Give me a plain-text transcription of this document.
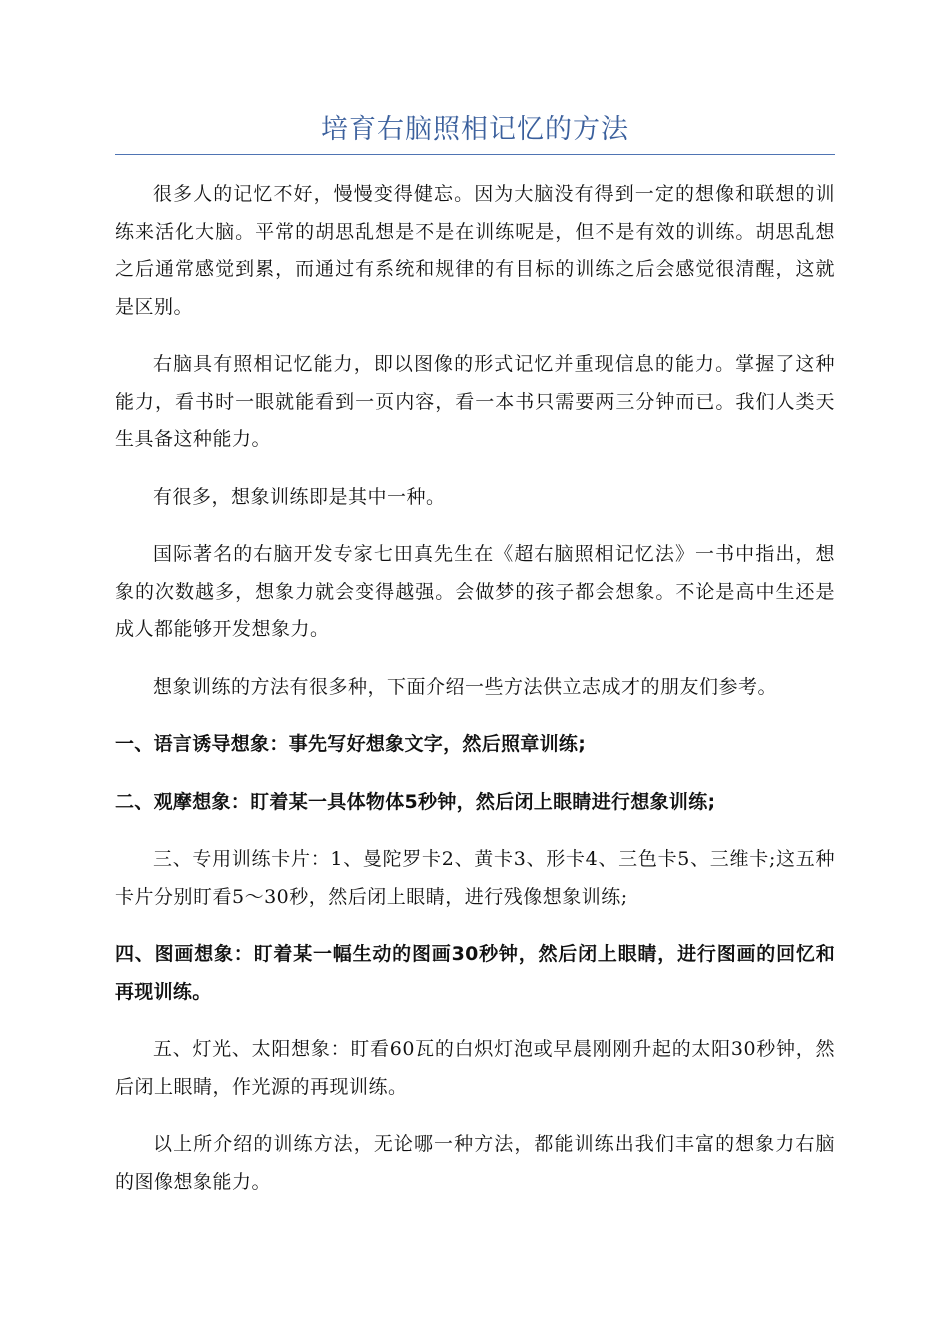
培育右脑照相记忆的方法

很多人的记忆不好，慢慢变得健忘。因为大脑没有得到一定的想像和联想的训练来活化大脑。平常的胡思乱想是不是在训练呢是，但不是有效的训练。胡思乱想之后通常感觉到累，而通过有系统和规律的有目标的训练之后会感觉很清醒，这就是区别。

右脑具有照相记忆能力，即以图像的形式记忆并重现信息的能力。掌握了这种能力，看书时一眼就能看到一页内容，看一本书只需要两三分钟而已。我们人类天生具备这种能力。

有很多，想象训练即是其中一种。

国际著名的右脑开发专家七田真先生在《超右脑照相记忆法》一书中指出，想象的次数越多，想象力就会变得越强。会做梦的孩子都会想象。不论是高中生还是成人都能够开发想象力。

想象训练的方法有很多种，下面介绍一些方法供立志成才的朋友们参考。

一、语言诱导想象：事先写好想象文字，然后照章训练;

二、观摩想象：盯着某一具体物体5秒钟，然后闭上眼睛进行想象训练;

三、专用训练卡片：1、曼陀罗卡2、黄卡3、形卡4、三色卡5、三维卡;这五种卡片分别盯看5～30秒，然后闭上眼睛，进行残像想象训练;

四、图画想象：盯着某一幅生动的图画30秒钟，然后闭上眼睛，进行图画的回忆和再现训练。

五、灯光、太阳想象：盯看60瓦的白炽灯泡或早晨刚刚升起的太阳30秒钟，然后闭上眼睛，作光源的再现训练。

以上所介绍的训练方法，无论哪一种方法，都能训练出我们丰富的想象力右脑的图像想象能力。
